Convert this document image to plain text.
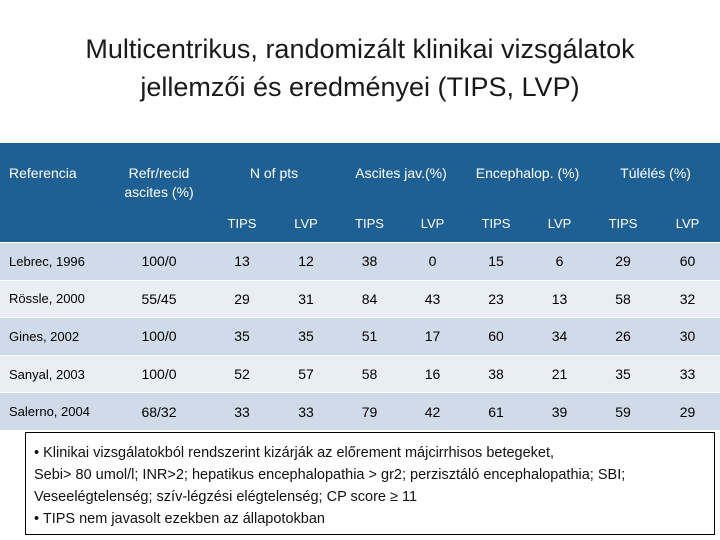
Multicentrikus, randomizált klinikai vizsgálatok
jellemzői és eredményei (TIPS, LVP)
Referencia	Refr/recid ascites (%)	N of pts		Ascites jav.(%)		Encephalop. (%)		Túlélés (%)	
		TIPS	LVP	TIPS	LVP	TIPS	LVP	TIPS	LVP
Lebrec, 1996	100/0	13	12	38	0	15	6	29	60
Rössle, 2000	55/45	29	31	84	43	23	13	58	32
Gines, 2002	100/0	35	35	51	17	60	34	26	30
Sanyal, 2003	100/0	52	57	58	16	38	21	35	33
Salerno, 2004	68/32	33	33	79	42	61	39	59	29

• Klinikai vizsgálatokból rendszerint kizárják az előrement májcirrhisos betegeket,

Sebi> 80 umol/l; INR>2; hepatikus encephalopathia > gr2; perzisztáló encephalopathia; SBI;

Veseelégtelenség; szív-légzési elégtelenség; CP score ≥ 11

• TIPS nem javasolt ezekben az állapotokban
